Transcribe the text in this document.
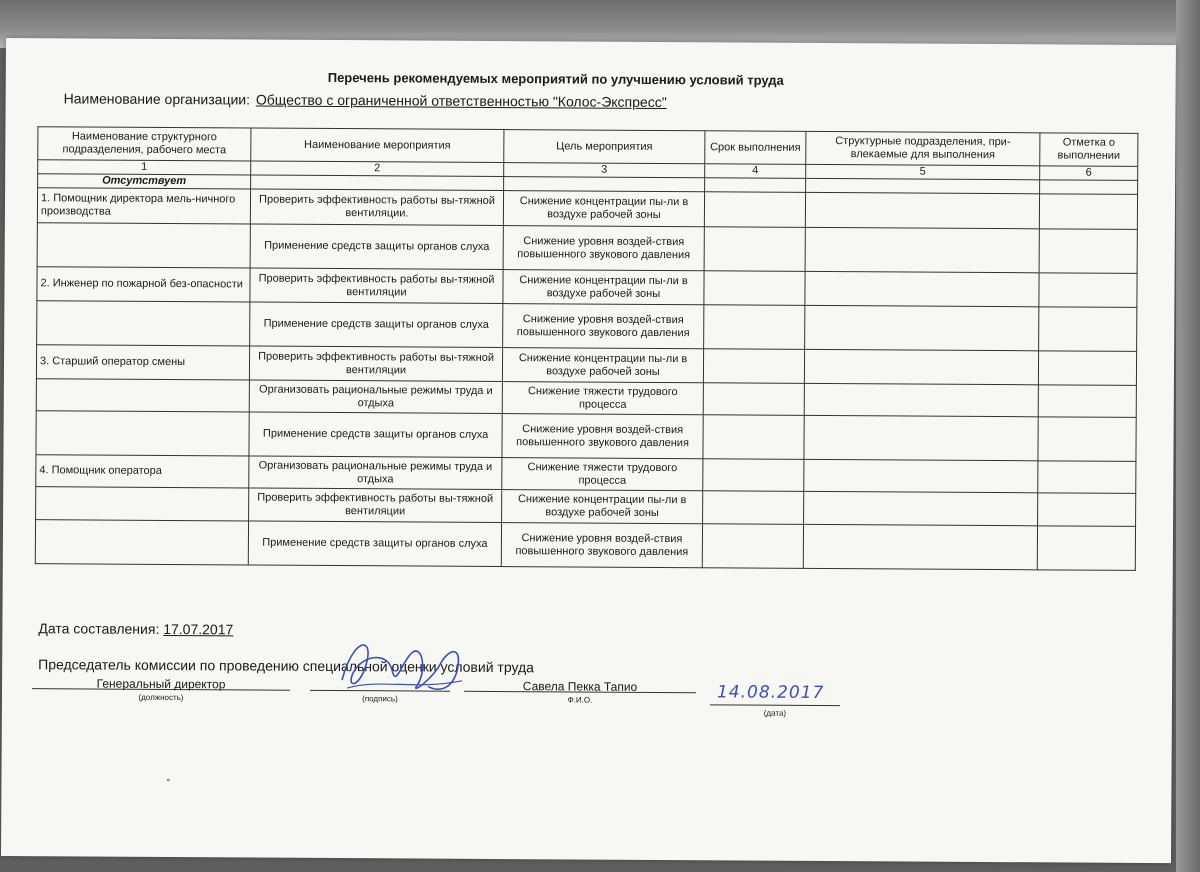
Перечень рекомендуемых мероприятий по улучшению условий труда
Наименование организации: Общество с ограниченной ответственностью "Колос-Экспресс"
Наименование структурного подразделения, рабочего места	Наименование мероприятия	Цель мероприятия	Срок выполнения	Структурные подразделения, при-влекаемые для выполнения	Отметка о выполнении
1	2	3	4	5	6

Отсутствует					

1. Помощник директора мель-ничного производства	Проверить эффективность работы вы-тяжной вентиляции.	Снижение концентрации пы-ли в воздухе рабочей зоны			
	Применение средств защиты органов слуха	Снижение уровня воздей-ствия повышенного звукового давления			
2. Инженер по пожарной без-опасности	Проверить эффективность работы вы-тяжной вентиляции	Снижение концентрации пы-ли в воздухе рабочей зоны			
	Применение средств защиты органов слуха	Снижение уровня воздей-ствия повышенного звукового давления			
3. Старший оператор смены	Проверить эффективность работы вы-тяжной вентиляции	Снижение концентрации пы-ли в воздухе рабочей зоны			
	Организовать рациональные режимы труда и отдыха	Снижение тяжести трудового процесса			
	Применение средств защиты органов слуха	Снижение уровня воздей-ствия повышенного звукового давления			
4. Помощник оператора	Организовать рациональные режимы труда и отдыха	Снижение тяжести трудового процесса			
	Проверить эффективность работы вы-тяжной вентиляции	Снижение концентрации пы-ли в воздухе рабочей зоны			
	Применение средств защиты органов слуха	Снижение уровня воздей-ствия повышенного звукового давления			
Дата составления: 17.07.2017
Председатель комиссии по проведению специальной оценки условий труда
Генеральный директор
(должность)	(подпись)
Савела Пекка Тапио
Ф.И.О.	14.08.2017
(дата)
°
